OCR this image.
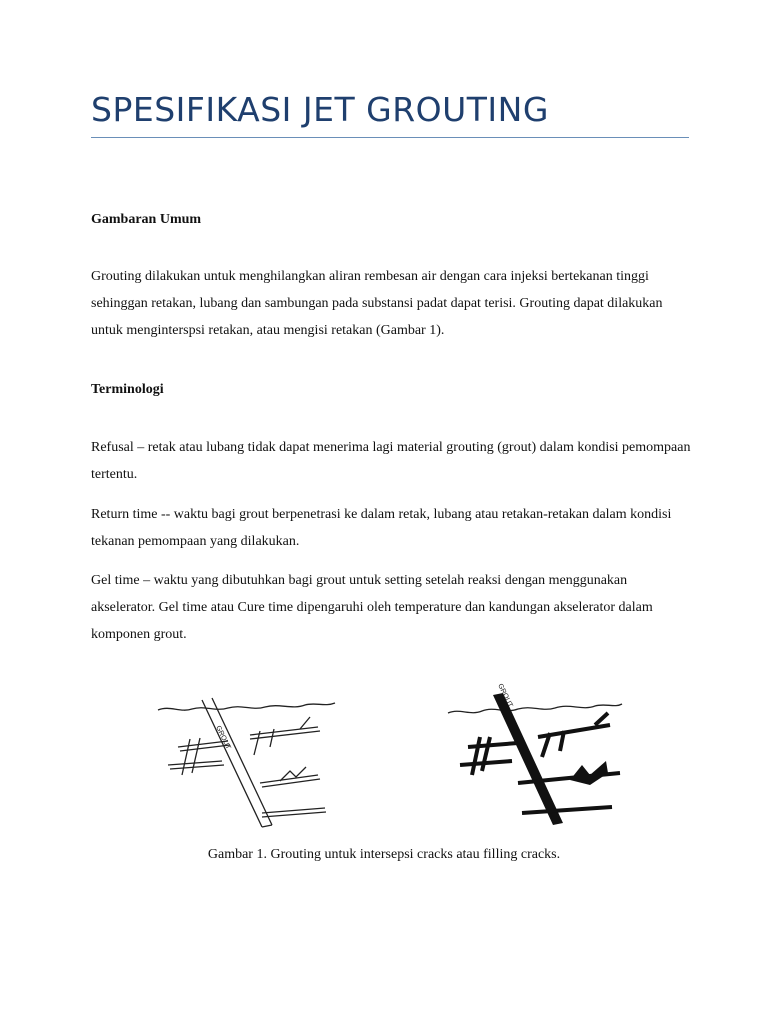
SPESIFIKASI JET GROUTING

Gambaran Umum

Grouting dilakukan untuk menghilangkan aliran rembesan air dengan cara injeksi bertekanan tinggi sehinggan retakan, lubang dan sambungan pada substansi padat dapat terisi. Grouting dapat dilakukan untuk menginterspsi retakan, atau mengisi retakan (Gambar 1).

Terminologi

Refusal – retak atau lubang tidak dapat menerima lagi material grouting (grout) dalam kondisi pemompaan tertentu.

Return time -- waktu bagi grout berpenetrasi ke dalam retak, lubang atau retakan-retakan dalam kondisi tekanan pemompaan yang dilakukan.

Gel time – waktu yang dibutuhkan bagi grout untuk setting setelah reaksi dengan menggunakan akselerator. Gel time atau Cure time dipengaruhi oleh temperature dan kandungan akselerator dalam komponen grout.

GROUT
GROUT
Gambar 1. Grouting untuk intersepsi cracks atau filling cracks.
